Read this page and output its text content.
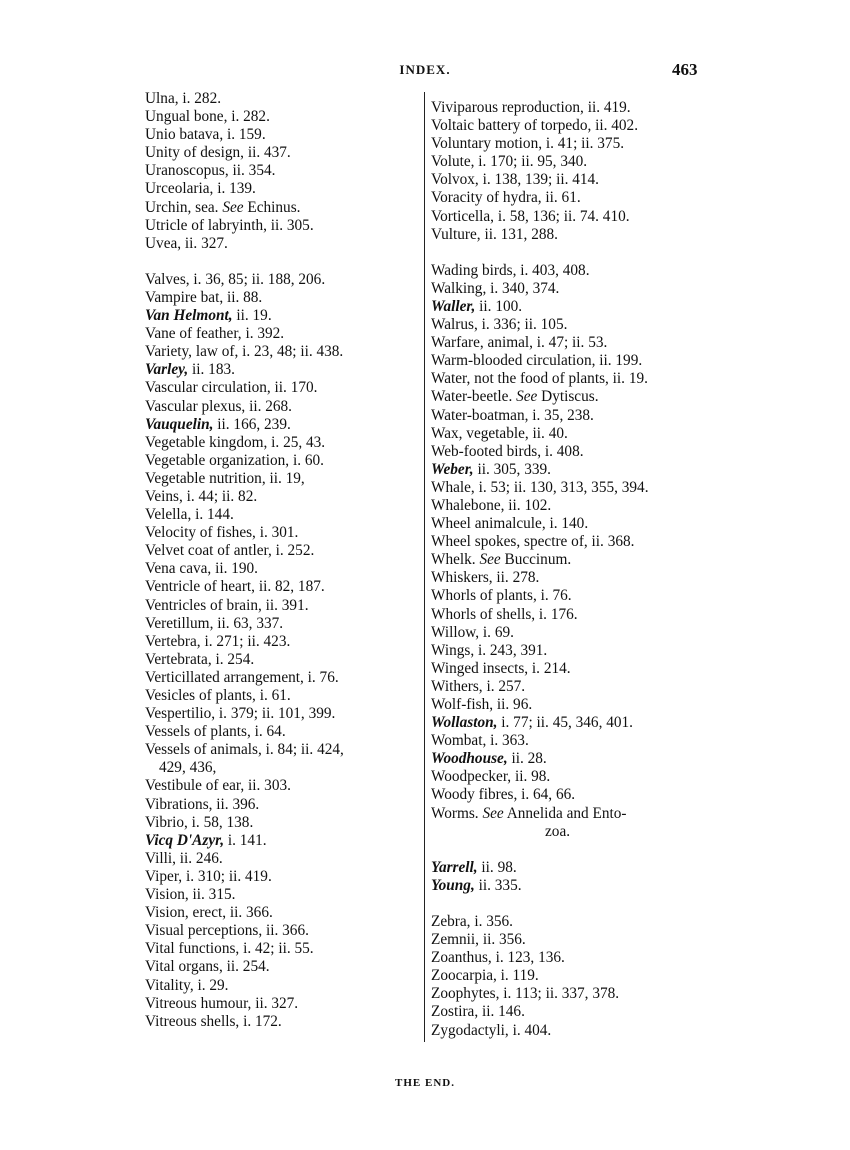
INDEX.	463
Ulna, i. 282.
Ungual bone, i. 282.
Unio batava, i. 159.
Unity of design, ii. 437.
Uranoscopus, ii. 354.
Urceolaria, i. 139.
Urchin, sea. See Echinus.
Utricle of labryinth, ii. 305.
Uvea, ii. 327.
Valves, i. 36, 85; ii. 188, 206.
Vampire bat, ii. 88.
Van Helmont, ii. 19.
Vane of feather, i. 392.
Variety, law of, i. 23, 48; ii. 438.
Varley, ii. 183.
Vascular circulation, ii. 170.
Vascular plexus, ii. 268.
Vauquelin, ii. 166, 239.
Vegetable kingdom, i. 25, 43.
Vegetable organization, i. 60.
Vegetable nutrition, ii. 19,
Veins, i. 44; ii. 82.
Velella, i. 144.
Velocity of fishes, i. 301.
Velvet coat of antler, i. 252.
Vena cava, ii. 190.
Ventricle of heart, ii. 82, 187.
Ventricles of brain, ii. 391.
Veretillum, ii. 63, 337.
Vertebra, i. 271; ii. 423.
Vertebrata, i. 254.
Verticillated arrangement, i. 76.
Vesicles of plants, i. 61.
Vespertilio, i. 379; ii. 101, 399.
Vessels of plants, i. 64.
Vessels of animals, i. 84; ii. 424,
429, 436,
Vestibule of ear, ii. 303.
Vibrations, ii. 396.
Vibrio, i. 58, 138.
Vicq D'Azyr, i. 141.
Villi, ii. 246.
Viper, i. 310; ii. 419.
Vision, ii. 315.
Vision, erect, ii. 366.
Visual perceptions, ii. 366.
Vital functions, i. 42; ii. 55.
Vital organs, ii. 254.
Vitality, i. 29.
Vitreous humour, ii. 327.
Vitreous shells, i. 172.
Viviparous reproduction, ii. 419.
Voltaic battery of torpedo, ii. 402.
Voluntary motion, i. 41; ii. 375.
Volute, i. 170; ii. 95, 340.
Volvox, i. 138, 139; ii. 414.
Voracity of hydra, ii. 61.
Vorticella, i. 58, 136; ii. 74. 410.
Vulture, ii. 131, 288.
Wading birds, i. 403, 408.
Walking, i. 340, 374.
Waller, ii. 100.
Walrus, i. 336; ii. 105.
Warfare, animal, i. 47; ii. 53.
Warm-blooded circulation, ii. 199.
Water, not the food of plants, ii. 19.
Water-beetle. See Dytiscus.
Water-boatman, i. 35, 238.
Wax, vegetable, ii. 40.
Web-footed birds, i. 408.
Weber, ii. 305, 339.
Whale, i. 53; ii. 130, 313, 355, 394.
Whalebone, ii. 102.
Wheel animalcule, i. 140.
Wheel spokes, spectre of, ii. 368.
Whelk. See Buccinum.
Whiskers, ii. 278.
Whorls of plants, i. 76.
Whorls of shells, i. 176.
Willow, i. 69.
Wings, i. 243, 391.
Winged insects, i. 214.
Withers, i. 257.
Wolf-fish, ii. 96.
Wollaston, i. 77; ii. 45, 346, 401.
Wombat, i. 363.
Woodhouse, ii. 28.
Woodpecker, ii. 98.
Woody fibres, i. 64, 66.
Worms. See Annelida and Ento-
zoa.
Yarrell, ii. 98.
Young, ii. 335.
Zebra, i. 356.
Zemnii, ii. 356.
Zoanthus, i. 123, 136.
Zoocarpia, i. 119.
Zoophytes, i. 113; ii. 337, 378.
Zostira, ii. 146.
Zygodactyli, i. 404.
THE END.
